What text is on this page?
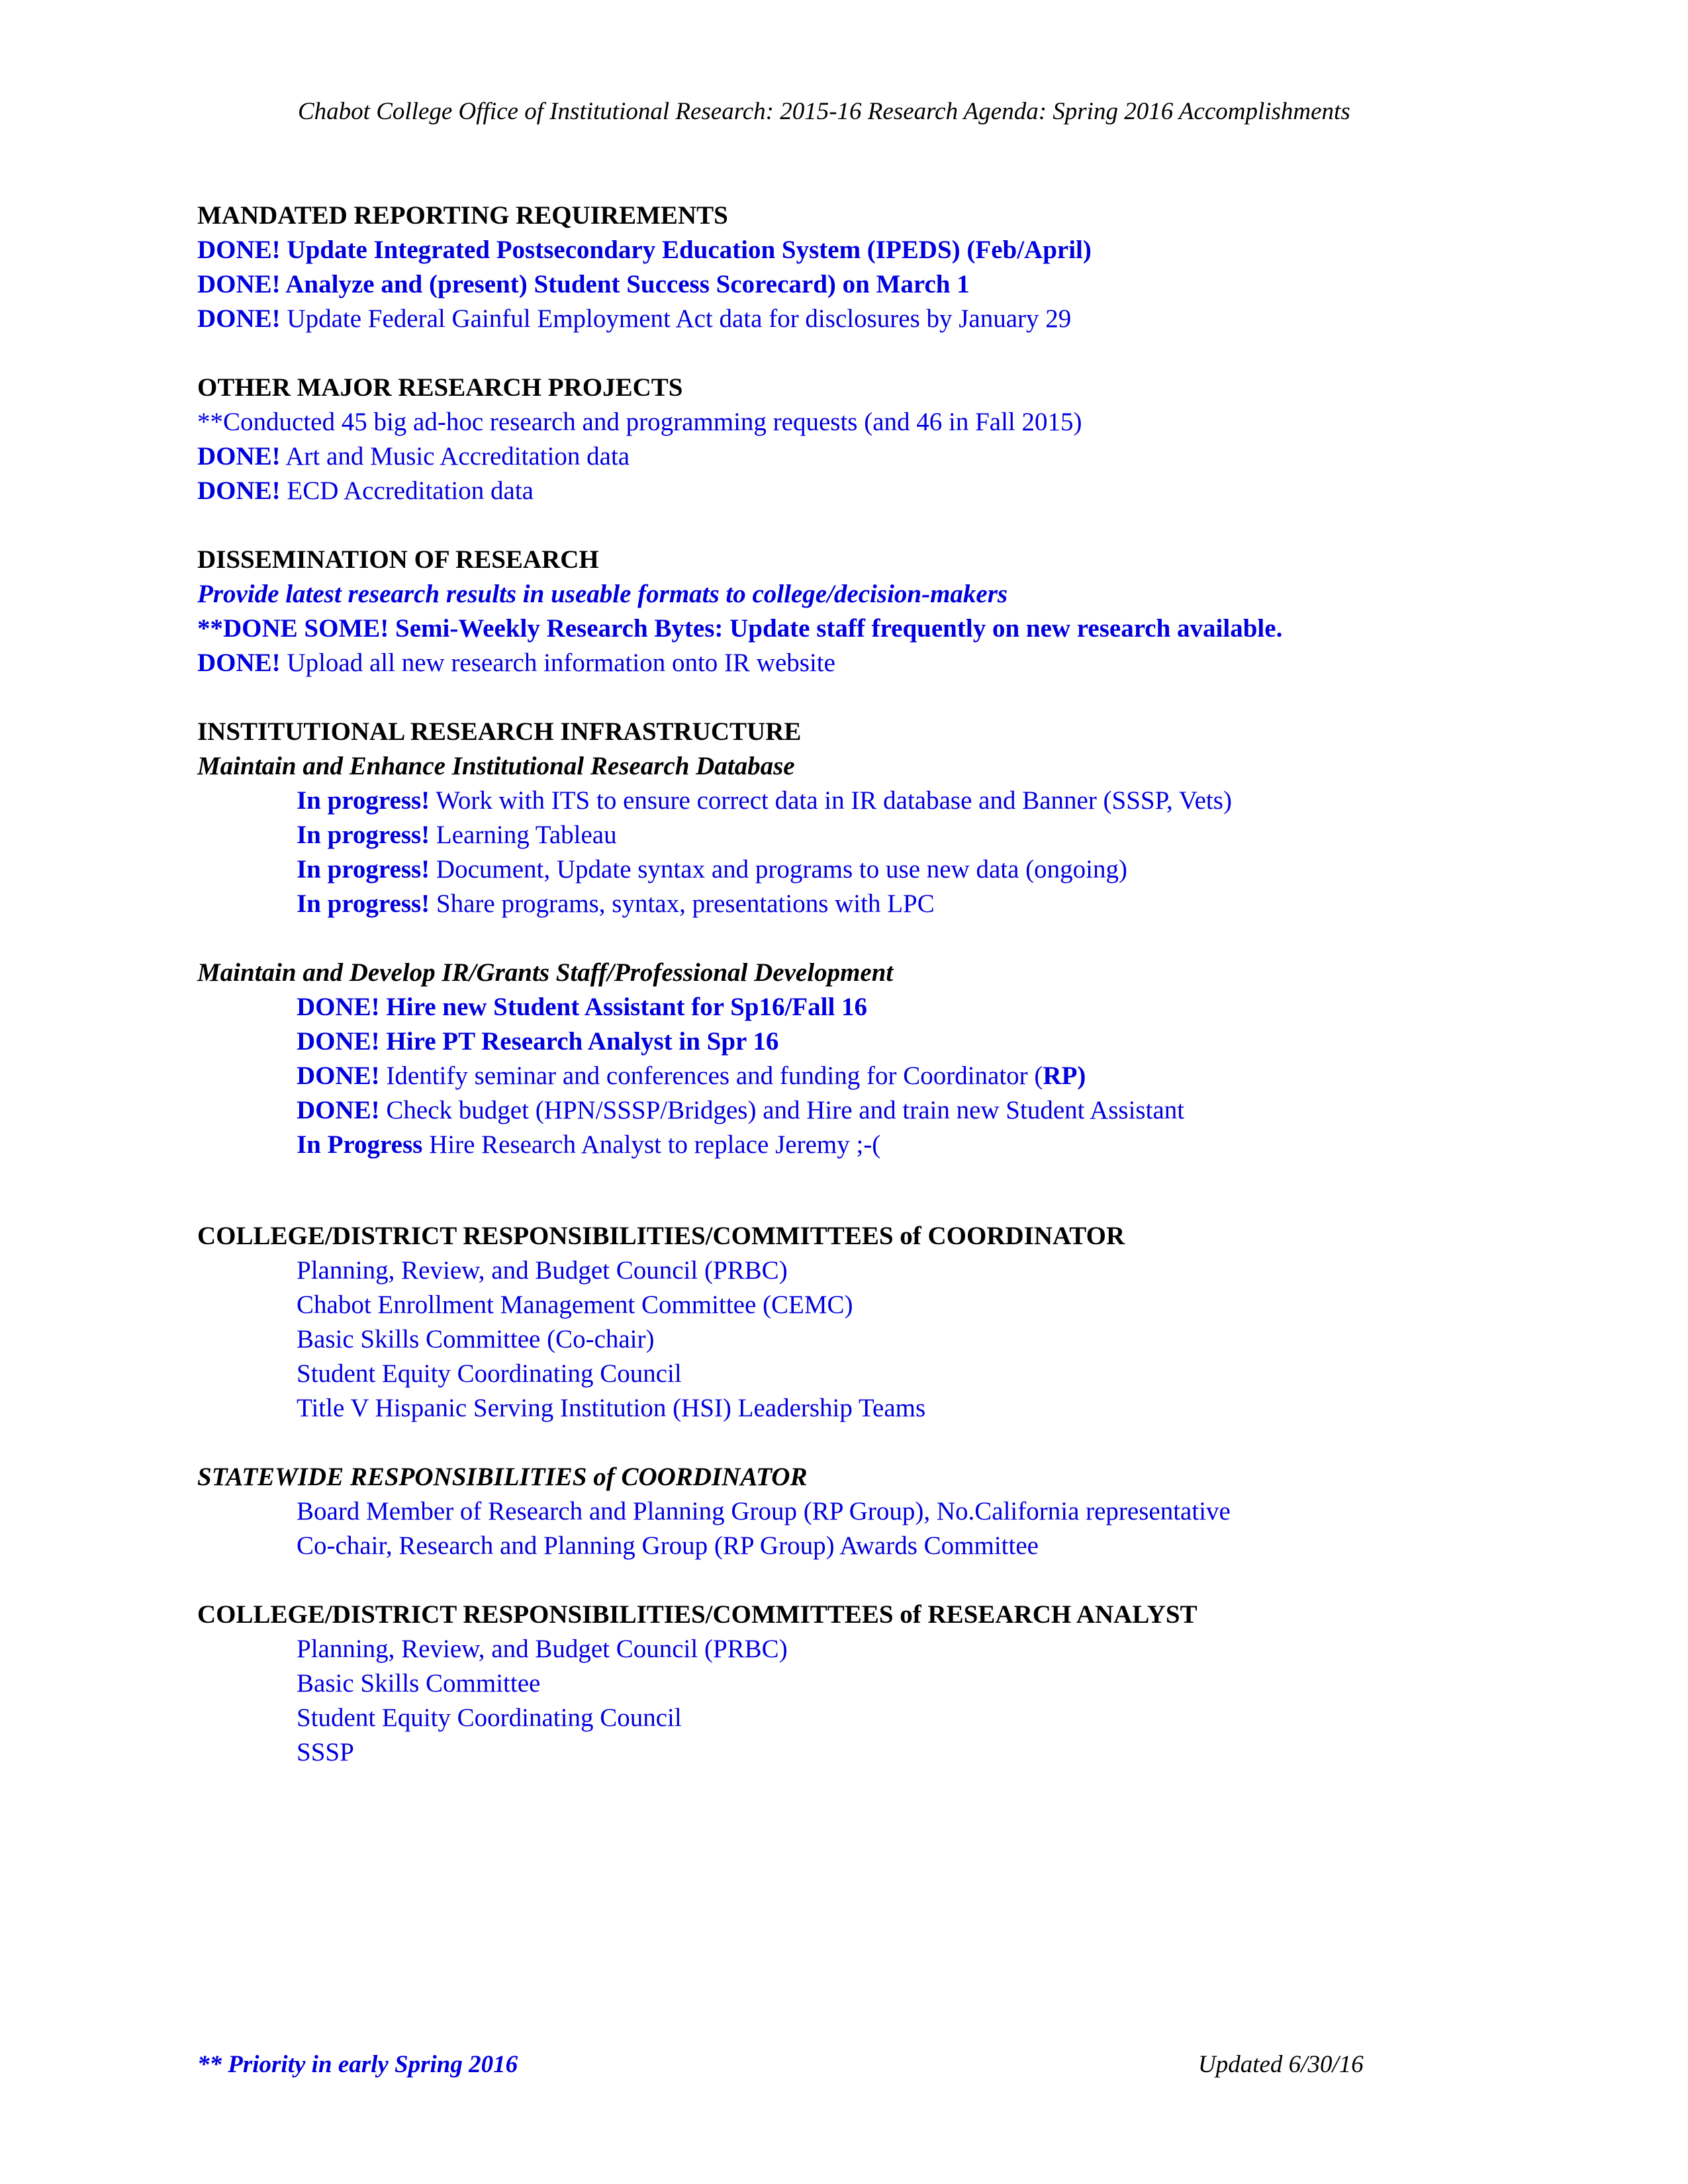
Chabot College Office of Institutional Research: 2015-16 Research Agenda: Spring 2016 Accomplishments
MANDATED REPORTING REQUIREMENTS
DONE! Update Integrated Postsecondary Education System (IPEDS) (Feb/April)
DONE! Analyze and (present) Student Success Scorecard) on March 1
DONE! Update Federal Gainful Employment Act data for disclosures by January 29
OTHER MAJOR RESEARCH PROJECTS
**Conducted 45 big ad-hoc research and programming requests (and 46 in Fall 2015)
DONE! Art and Music Accreditation data
DONE! ECD Accreditation data
DISSEMINATION OF RESEARCH
Provide latest research results in useable formats to college/decision-makers
**DONE SOME! Semi-Weekly Research Bytes: Update staff frequently on new research available.
DONE! Upload all new research information onto IR website
INSTITUTIONAL RESEARCH INFRASTRUCTURE
Maintain and Enhance Institutional Research Database
In progress! Work with ITS to ensure correct data in IR database and Banner (SSSP, Vets)
In progress! Learning Tableau
In progress! Document, Update syntax and programs to use new data (ongoing)
In progress! Share programs, syntax, presentations with LPC
Maintain and Develop IR/Grants Staff/Professional Development
DONE! Hire new Student Assistant for Sp16/Fall 16
DONE! Hire PT Research Analyst in Spr 16
DONE! Identify seminar and conferences and funding for Coordinator (RP)
DONE! Check budget (HPN/SSSP/Bridges) and Hire and train new Student Assistant
In Progress Hire Research Analyst to replace Jeremy ;-(
COLLEGE/DISTRICT RESPONSIBILITIES/COMMITTEES of COORDINATOR
Planning, Review, and Budget Council (PRBC)
Chabot Enrollment Management Committee (CEMC)
Basic Skills Committee (Co-chair)
Student Equity Coordinating Council
Title V Hispanic Serving Institution (HSI) Leadership Teams
STATEWIDE RESPONSIBILITIES of COORDINATOR
Board Member of Research and Planning Group (RP Group), No.California representative
Co-chair, Research and Planning Group (RP Group) Awards Committee
COLLEGE/DISTRICT RESPONSIBILITIES/COMMITTEES of RESEARCH ANALYST
Planning, Review, and Budget Council (PRBC)
Basic Skills Committee
Student Equity Coordinating Council
SSSP
** Priority in early Spring 2016	Updated 6/30/16
